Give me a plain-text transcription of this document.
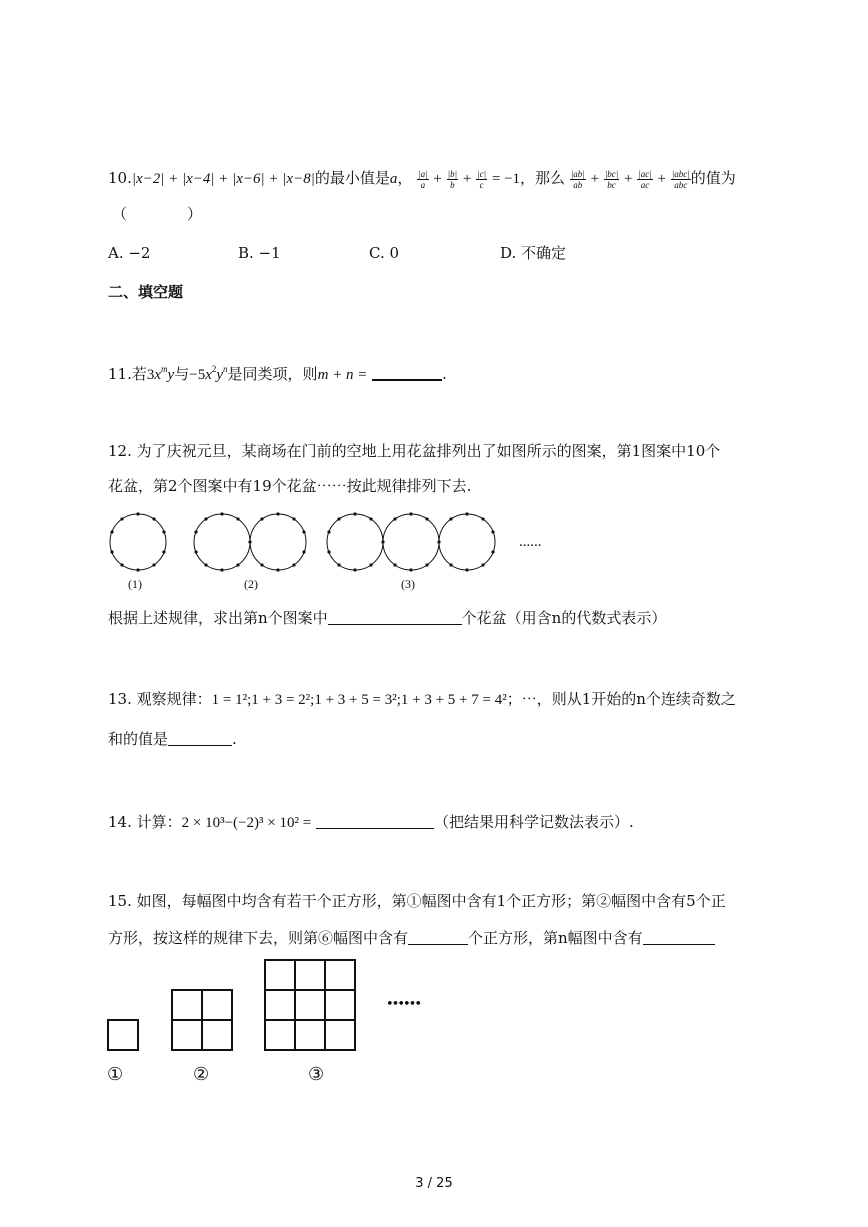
10.|x−2| + |x−4| + |x−6| + |x−8|的最小值是a， $\frac{|a|}{a} + \frac{|b|}{b} + \frac{|c|}{c} = -1$，那么 $\frac{|ab|}{ab} + \frac{|bc|}{bc} + \frac{|ac|}{ac} + \frac{\text{|abc|}}{\text{abc}}$ 的值为
（　　　　）
A. −2	B. −1	C. 0	D. 不确定
二、填空题
11.若$3x^my$与$-5x^2y^n$是同类项，则m + n =	.
12. 为了庆祝元旦，某商场在门前的空地上用花盆排列出了如图所示的图案，第1图案中10个
花盆，第2个图案中有19个花盆⋯⋯按此规律排列下去.
......
(1)	(2)	(3)
根据上述规律，求出第n个图案中	个花盆（用含n的代数式表示）
13. 观察规律：1 = 1²;1 + 3 = 2²;1 + 3 + 5 = 3²;1 + 3 + 5 + 7 = 4²；⋯，则从1开始的n个连续奇数之
和的值是	.
14. 计算：2 × 10³−(−2)³ × 10² =	（把结果用科学记数法表示）.
15. 如图，每幅图中均含有若干个正方形，第①幅图中含有1个正方形；第②幅图中含有5个正
方形，按这样的规律下去，则第⑥幅图中含有	个正方形，第n幅图中含有
••••••
①	②	③
3 / 25
